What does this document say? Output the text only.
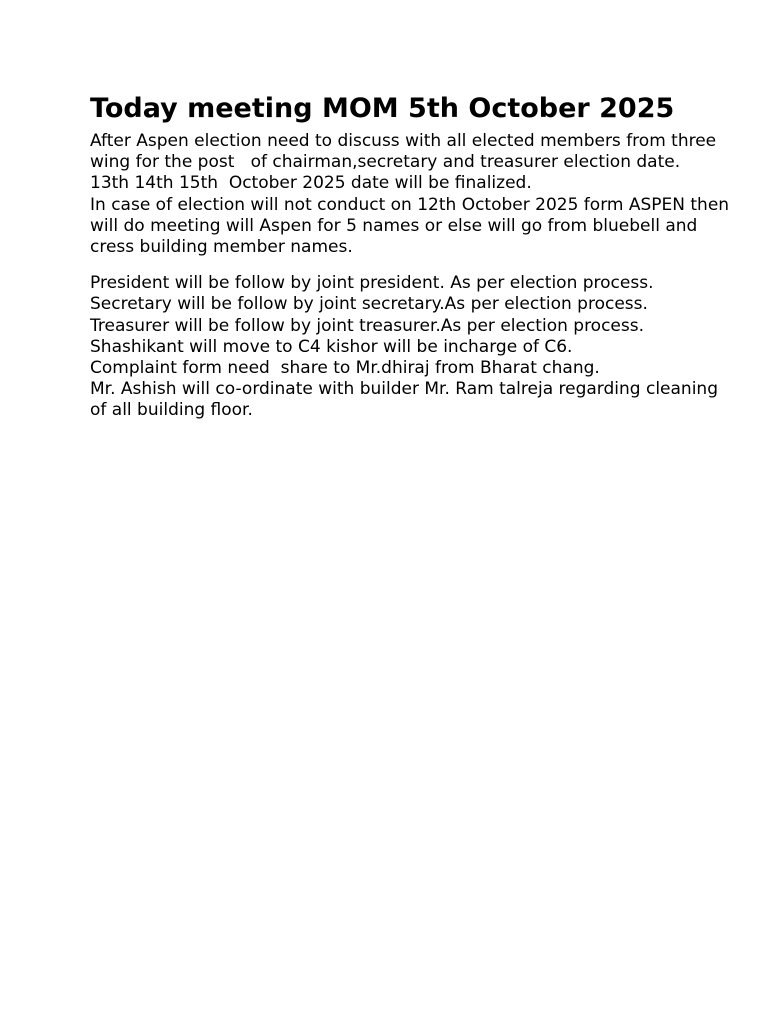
Today meeting MOM 5th October 2025

After Aspen election need to discuss with all elected members from three wing for the post   of chairman,secretary and treasurer election date.

13th 14th 15th  October 2025 date will be finalized.

In case of election will not conduct on 12th October 2025 form ASPEN then will do meeting will Aspen for 5 names or else will go from bluebell and cress building member names.

President will be follow by joint president. As per election process.

Secretary will be follow by joint secretary.As per election process.

Treasurer will be follow by joint treasurer.As per election process.

Shashikant will move to C4 kishor will be incharge of C6.

Complaint form need  share to Mr.dhiraj from Bharat chang.

Mr. Ashish will co-ordinate with builder Mr. Ram talreja regarding cleaning of all building floor.
